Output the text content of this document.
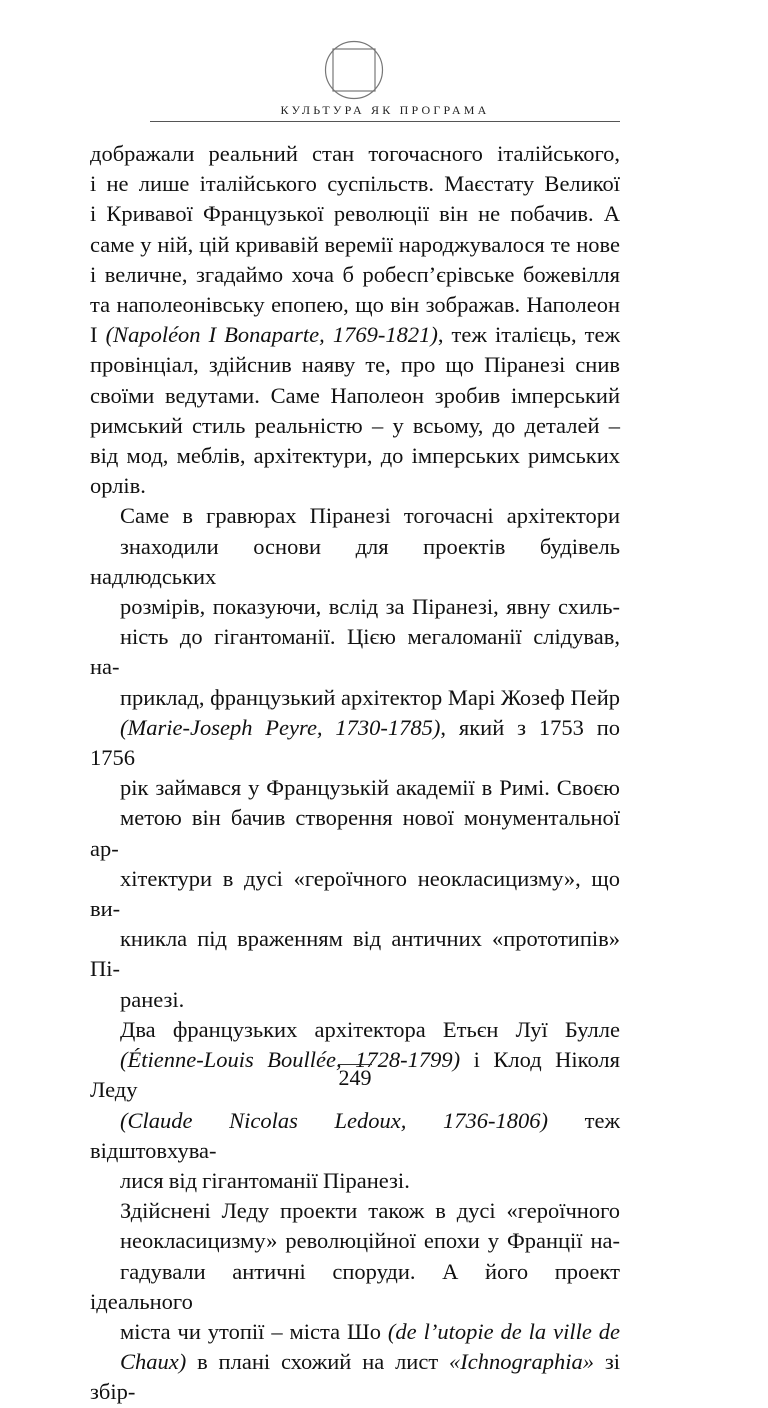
КУЛЬТУРА ЯК ПРОГРАМА

дображали реальний стан тогочасного італійського,
і не лише італійського суспільств. Маєстату Великої
і Кривавої Французької революції він не побачив. А
саме у ній, цій кривавій веремії народжувалося те нове
і величне, згадаймо хоча б робесп’єрівське божевілля
та наполеонівську епопею, що він зображав. Наполеон
І (Napoléon I Bonaparte, 1769-1821), теж італієць, теж
провінціал, здійснив наяву те, про що Піранезі снив
своїми ведутами. Саме Наполеон зробив імперський
римський стиль реальністю – у всьому, до деталей –
від мод, меблів, архітектури, до імперських римських
орлів.

Саме в гравюрах Піранезі тогочасні архітектори
знаходили основи для проектів будівель надлюдських
розмірів, показуючи, вслід за Піранезі, явну схиль-
ність до гігантоманії. Цією мегаломанії слідував, на-
приклад, французький архітектор Марі Жозеф Пейр
(Marie-Joseph Peyre, 1730-1785), який з 1753 по 1756
рік займався у Французькій академії в Римі. Своєю
метою він бачив створення нової монументальної ар-
хітектури в дусі «героїчного неокласицизму», що ви-
кникла під враженням від античних «прототипів» Пі-
ранезі.

Два французьких архітектора Етьєн Луї Булле
(Étienne-Louis Boullée, 1728-1799) і Клод Ніколя Леду
(Claude Nicolas Ledoux, 1736-1806) теж відштовхува-
лися від гігантоманії Піранезі.

Здійснені Леду проекти також в дусі «героїчного
неокласицизму» революційної епохи у Франції на-
гадували античні споруди. А його проект ідеального
міста чи утопії – міста Шо (de l’utopie de la ville de
Chaux) в плані схожий на лист «Ichnographia» зі збір-

249
